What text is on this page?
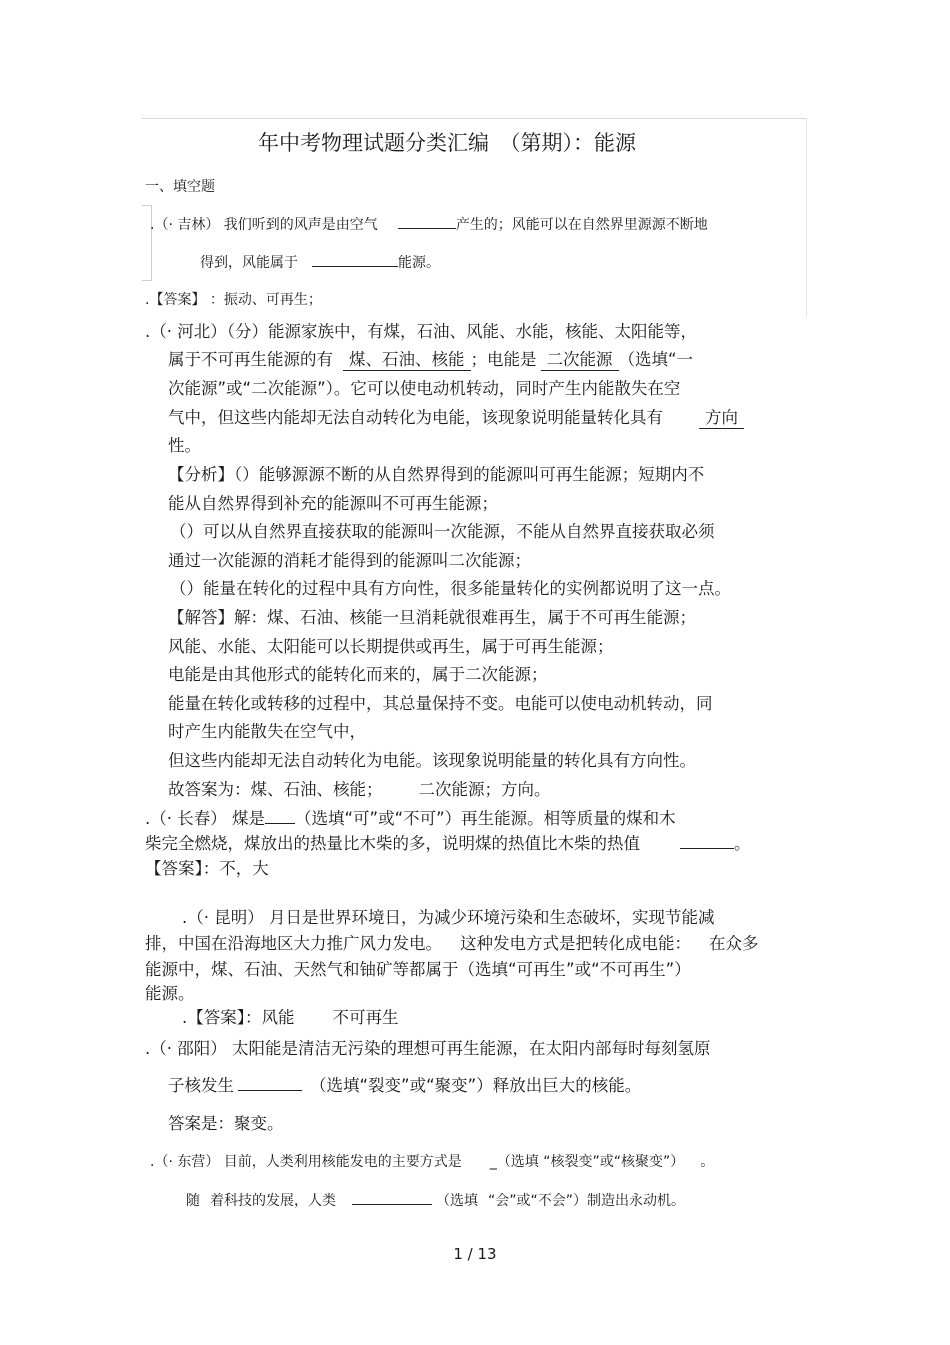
年中考物理试题分类汇编　（第期）：能源
一、填空题
.（· 吉林） 我们听到的风声是由空气	产生的；风能可以在自然界里源源不断地
得到，风能属于	能源。
.【答案】 ：振动、可再生；
.（· 河北）（分）能源家族中，有煤，石油、风能、水能，核能、太阳能等，
属于不可再生能源的有 煤、石油、核能 ；电能是 二次能源 （选填“一
次能源”或“二次能源”）。它可以使电动机转动，同时产生内能散失在空
气中，但这些内能却无法自动转化为电能，该现象说明能量转化具有	方向
性。
【分析】（）能够源源不断的从自然界得到的能源叫可再生能源；短期内不
能从自然界得到补充的能源叫不可再生能源；
（）可以从自然界直接获取的能源叫一次能源，不能从自然界直接获取必须
通过一次能源的消耗才能得到的能源叫二次能源；
（）能量在转化的过程中具有方向性，很多能量转化的实例都说明了这一点。
【解答】解：煤、石油、核能一旦消耗就很难再生，属于不可再生能源；
风能、水能、太阳能可以长期提供或再生，属于可再生能源；
电能是由其他形式的能转化而来的，属于二次能源；
能量在转化或转移的过程中，其总量保持不变。电能可以使电动机转动，同
时产生内能散失在空气中，
但这些内能却无法自动转化为电能。该现象说明能量的转化具有方向性。
故答案为：煤、石油、核能； 二次能源；方向。
.（· 长春） 煤是 （选填“可”或“不可”）再生能源。相等质量的煤和木
柴完全燃烧，煤放出的热量比木柴的多，说明煤的热值比木柴的热值	。
【答案】：不，大
.（· 昆明） 月日是世界环境日，为减少环境污染和生态破坏，实现节能减
排，中国在沿海地区大力推广风力发电。 这种发电方式是把转化成电能： 在众多
能源中，煤、石油、天然气和铀矿等都属于（选填“可再生”或“不可再生”）
能源。
.【答案】：风能 不可再生
.（· 邵阳） 太阳能是清洁无污染的理想可再生能源，在太阳内部每时每刻氢原
子核发生	（选填“裂变”或“聚变”）释放出巨大的核能。
答案是：聚变。
.（· 东营） 目前，人类利用核能发电的主要方式是 _（选填 “核裂变”或“核聚变”） 。
随 着科技的发展，人类	（选填 “会”或“不会”）制造出永动机。
1 / 13
